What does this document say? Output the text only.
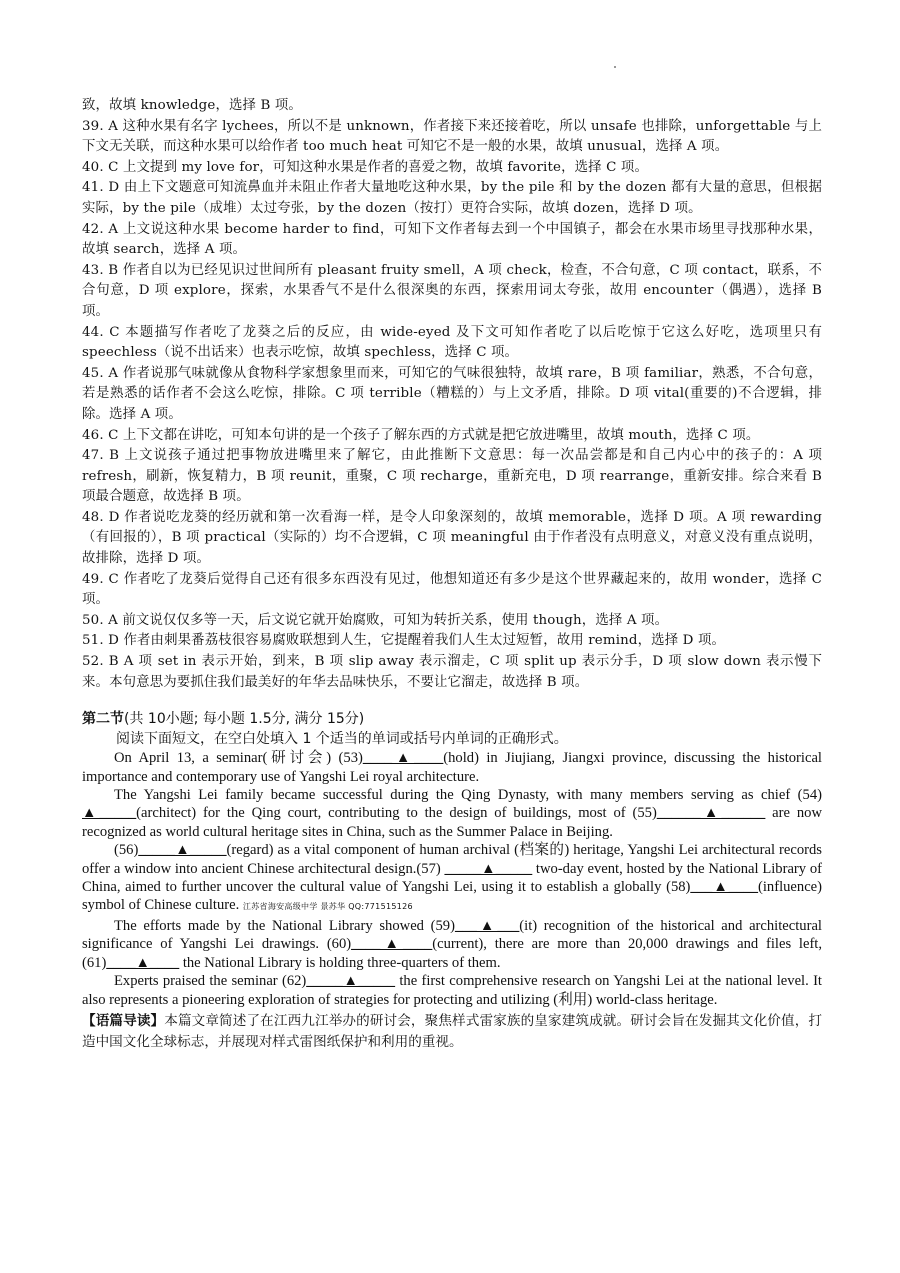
致，故填 knowledge，选择 B 项。

39. A 这种水果有名字 lychees，所以不是 unknown，作者接下来还接着吃，所以 unsafe 也排除，unforgettable 与上下文无关联，而这种水果可以给作者 too much heat 可知它不是一般的水果，故填 unusual，选择 A 项。

40. C 上文提到 my love for，可知这种水果是作者的喜爱之物，故填 favorite，选择 C 项。

41. D 由上下文题意可知流鼻血并未阻止作者大量地吃这种水果，by the pile 和 by the dozen 都有大量的意思，但根据实际，by the pile（成堆）太过夸张，by the dozen（按打）更符合实际，故填 dozen，选择 D 项。

42. A 上文说这种水果 become harder to find，可知下文作者每去到一个中国镇子，都会在水果市场里寻找那种水果，故填 search，选择 A 项。

43. B 作者自以为已经见识过世间所有 pleasant fruity smell，A 项 check，检查，不合句意，C 项 contact，联系，不合句意，D 项 explore，探索，水果香气不是什么很深奥的东西，探索用词太夸张，故用 encounter（偶遇），选择 B 项。

44. C 本题描写作者吃了龙葵之后的反应，由 wide-eyed 及下文可知作者吃了以后吃惊于它这么好吃，选项里只有 speechless（说不出话来）也表示吃惊，故填 spechless，选择 C 项。

45. A 作者说那气味就像从食物科学家想象里而来，可知它的气味很独特，故填 rare，B 项 familiar，熟悉，不合句意，若是熟悉的话作者不会这么吃惊，排除。C 项 terrible（糟糕的）与上文矛盾，排除。D 项 vital(重要的)不合逻辑，排除。选择 A 项。

46. C 上下文都在讲吃，可知本句讲的是一个孩子了解东西的方式就是把它放进嘴里，故填 mouth，选择 C 项。

47. B 上文说孩子通过把事物放进嘴里来了解它，由此推断下文意思：每一次品尝都是和自己内心中的孩子的：A 项 refresh，刷新，恢复精力，B 项 reunit，重聚，C 项 recharge，重新充电，D 项 rearrange，重新安排。综合来看 B 项最合题意，故选择 B 项。

48. D 作者说吃龙葵的经历就和第一次看海一样，是令人印象深刻的，故填 memorable，选择 D 项。A 项 rewarding（有回报的），B 项 practical（实际的）均不合逻辑，C 项 meaningful 由于作者没有点明意义，对意义没有重点说明，故排除，选择 D 项。

49. C 作者吃了龙葵后觉得自己还有很多东西没有见过，他想知道还有多少是这个世界藏起来的，故用 wonder，选择 C 项。

50. A 前文说仅仅多等一天，后文说它就开始腐败，可知为转折关系，使用 though，选择 A 项。

51. D 作者由刺果番荔枝很容易腐败联想到人生，它提醒着我们人生太过短暂，故用 remind，选择 D 项。

52. B A 项 set in 表示开始，到来，B 项 slip away 表示溜走，C 项 split up 表示分手，D 项 slow down 表示慢下来。本句意思为要抓住我们最美好的年华去品味快乐，不要让它溜走，故选择 B 项。

第二节(共 10小题; 每小题 1.5分, 满分 15分)
阅读下面短文，在空白处填入 1 个适当的单词或括号内单词的正确形式。

On April 13, a seminar(研讨会) (53)____▲____(hold) in Jiujiang, Jiangxi province, discussing the historical importance and contemporary use of Yangshi Lei royal architecture.

The Yangshi Lei family became successful during the Qing Dynasty, with many members serving as chief (54) ▲_____(architect) for the Qing court, contributing to the design of buildings, most of (55)______▲______ are now recognized as world cultural heritage sites in China, such as the Summer Palace in Beijing.

(56)_____▲_____(regard) as a vital component of human archival (档案的) heritage, Yangshi Lei architectural records offer a window into ancient Chinese architectural design.(57) _____▲_____ two-day event, hosted by the National Library of China, aimed to further uncover the cultural value of Yangshi Lei, using it to establish a globally (58)___▲____(influence) symbol of Chinese culture. 江苏省海安高级中学 景苏华 QQ:771515126

The efforts made by the National Library showed (59)___▲___(it) recognition of the historical and architectural significance of Yangshi Lei drawings. (60)____▲____(current), there are more than 20,000 drawings and files left, (61)____▲____ the National Library is holding three-quarters of them.

Experts praised the seminar (62)_____▲_____ the first comprehensive research on Yangshi Lei at the national level. It also represents a pioneering exploration of strategies for protecting and utilizing (利用) world-class heritage.

【语篇导读】本篇文章简述了在江西九江举办的研讨会，聚焦样式雷家族的皇家建筑成就。研讨会旨在发掘其文化价值，打造中国文化全球标志，并展现对样式雷图纸保护和利用的重视。
